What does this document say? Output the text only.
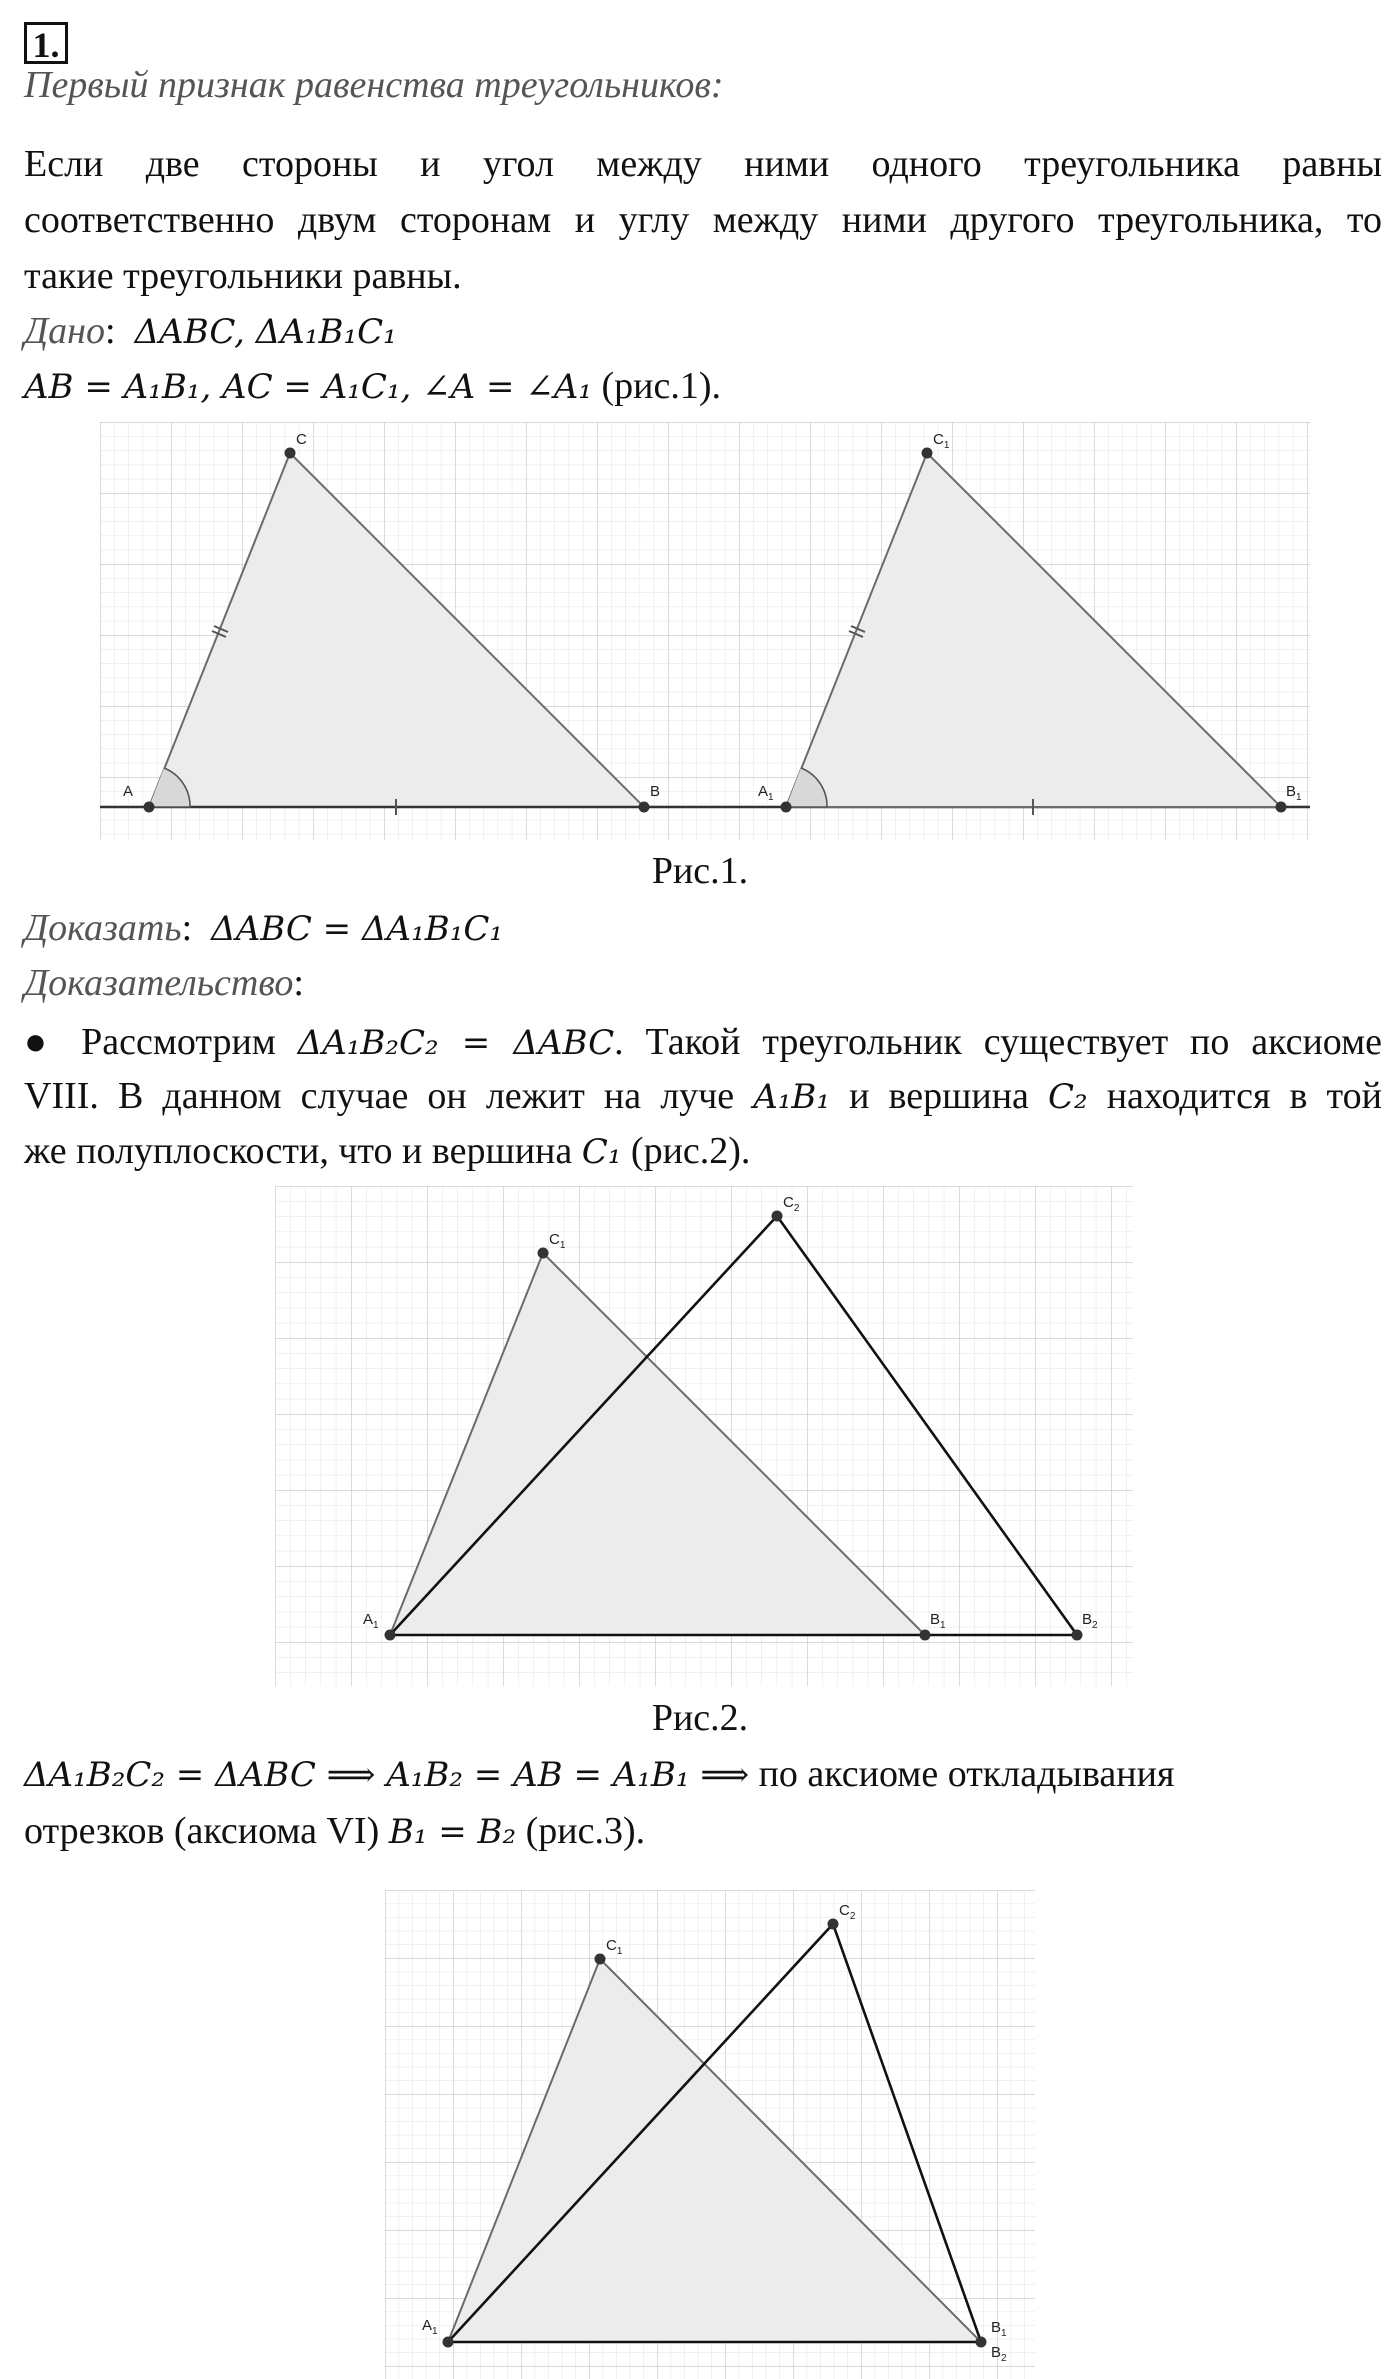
1.
Первый признак равенства треугольников:
Если две стороны и угол между ними одного треугольника равны
соответственно двум сторонам и углу между ними другого треугольника, то
такие треугольники равны.
Дано:  ΔABC, ΔA₁B₁C₁
AB = A₁B₁, AC = A₁C₁, ∠A = ∠A₁ (рис.1).
A
C
B	$A_1$
$C_1$
$B_1$
Рис.1.
Доказать:  ΔABC = ΔA₁B₁C₁
Доказательство:
● Рассмотрим ΔA₁B₂C₂ = ΔABC. Такой треугольник существует по аксиоме
VIII. В данном случае он лежит на луче A₁B₁ и вершина C₂ находится в той
же полуплоскости, что и вершина C₁ (рис.2).
$A_1$
$C_1$
$B_1$
$C_2$
$B_2$
Рис.2.
ΔA₁B₂C₂ = ΔABC ⟹ A₁B₂ = AB = A₁B₁ ⟹ по аксиоме откладывания
отрезков (аксиома VI) B₁ = B₂ (рис.3).
$A_1$
$C_1$
$C_2$
$B_1$
$B_2$
